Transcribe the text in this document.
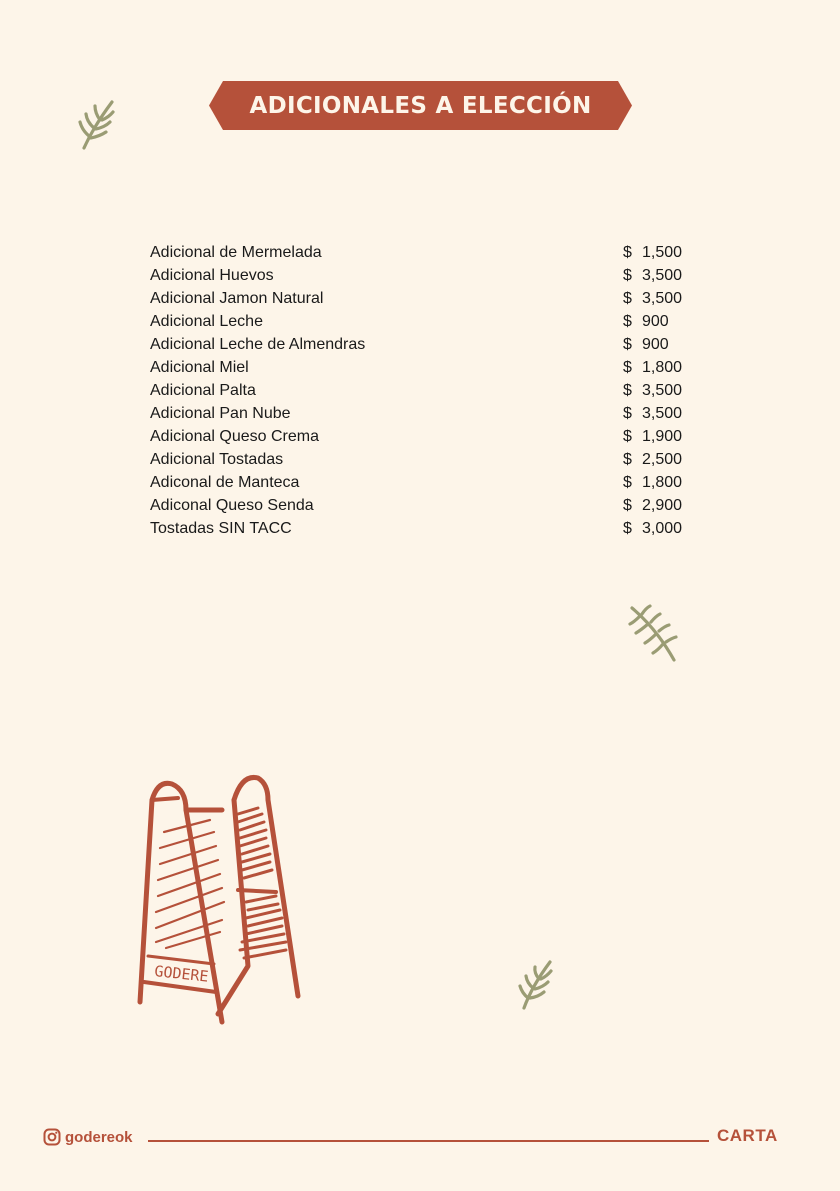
ADICIONALES A ELECCIÓN
Adicional de Mermelada	$ 1,500
Adicional Huevos	$ 3,500
Adicional Jamon Natural	$ 3,500
Adicional Leche	$ 900
Adicional Leche de Almendras	$ 900
Adicional Miel	$ 1,800
Adicional Palta	$ 3,500
Adicional Pan Nube	$ 3,500
Adicional Queso Crema	$ 1,900
Adicional Tostadas	$ 2,500
Adiconal de Manteca	$ 1,800
Adiconal Queso Senda	$ 2,900
Tostadas SIN TACC	$ 3,000
GODERE
godereok	CARTA
